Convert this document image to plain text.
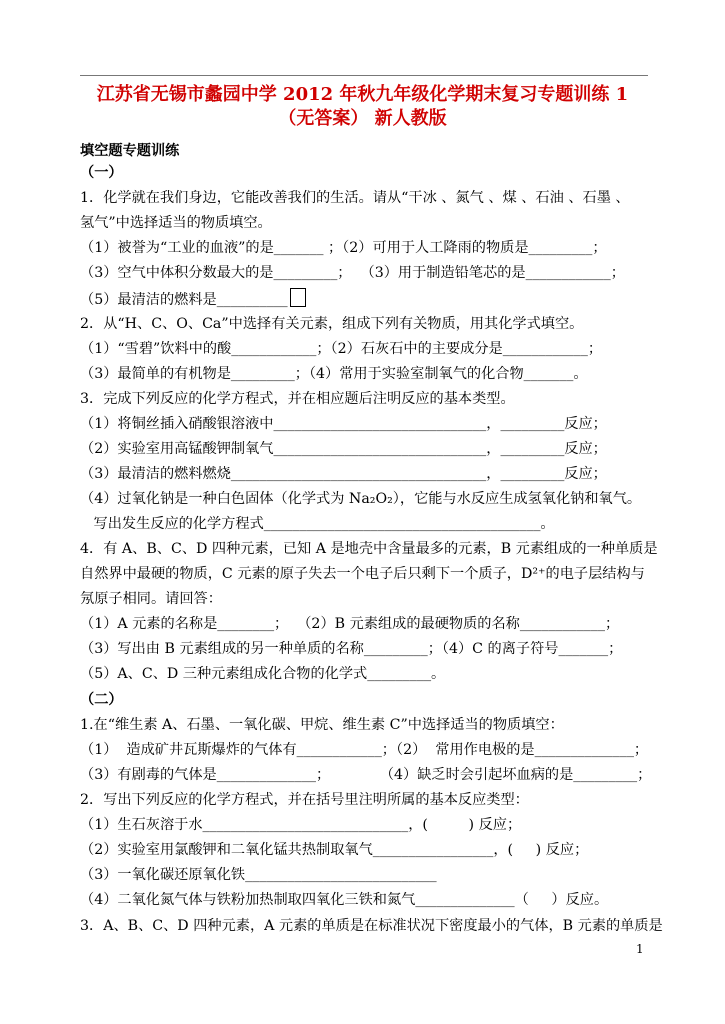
江苏省无锡市蠡园中学 2012 年秋九年级化学期末复习专题训练 1
（无答案） 新人教版
填空题专题训练
（一）
1．化学就在我们身边，它能改善我们的生活。请从“干冰 、氮气 、煤 、石油 、石墨 、
氢气”中选择适当的物质填空。
（1）被誉为“工业的血液”的是_______ ；（2）可用于人工降雨的物质是_________；
（3）空气中体积分数最大的是_________；  （3）用于制造铅笔芯的是____________；
（5）最清洁的燃料是__________
2．从“H、C、O、Ca”中选择有关元素，组成下列有关物质，用其化学式填空。
（1）“雪碧”饮料中的酸____________；（2）石灰石中的主要成分是____________；
（3）最简单的有机物是_________；（4）常用于实验室制氧气的化合物_______。
3．完成下列反应的化学方程式，并在相应题后注明反应的基本类型。
（1）将铜丝插入硝酸银溶液中______________________________，_________反应；
（2）实验室用高锰酸钾制氧气______________________________，_________反应；
（3）最清洁的燃料燃烧____________________________________，_________反应；
（4）过氧化钠是一种白色固体（化学式为 Na₂O₂），它能与水反应生成氢氧化钠和氧气。
写出发生反应的化学方程式_______________________________________。
4．有 A、B、C、D 四种元素，已知 A 是地壳中含量最多的元素，B 元素组成的一种单质是
自然界中最硬的物质，C 元素的原子失去一个电子后只剩下一个质子，D²⁺的电子层结构与
氖原子相同。请回答：
（1）A 元素的名称是________；  （2）B 元素组成的最硬物质的名称____________；
（3）写出由 B 元素组成的另一种单质的名称_________；（4）C 的离子符号_______；
（5）A、C、D 三种元素组成化合物的化学式_________。
（二）
1.在“维生素 A、石墨、一氧化碳、甲烷、维生素 C”中选择适当的物质填空：
（1）  造成矿井瓦斯爆炸的气体有____________；（2）  常用作电极的是______________；
（3）有剧毒的气体是______________；           （4）缺乏时会引起坏血病的是_________；
2．写出下列反应的化学方程式，并在括号里注明所属的基本反应类型：
（1）生石灰溶于水_____________________________，(         ) 反应；
（2）实验室用氯酸钾和二氧化锰共热制取氧气_________________，(     ) 反应；
（3）一氧化碳还原氧化铁___________________________
（4）二氧化氮气体与铁粉加热制取四氧化三铁和氮气______________（     ）反应。
3．A、B、C、D 四种元素，A 元素的单质是在标准状况下密度最小的气体，B 元素的单质是
1
